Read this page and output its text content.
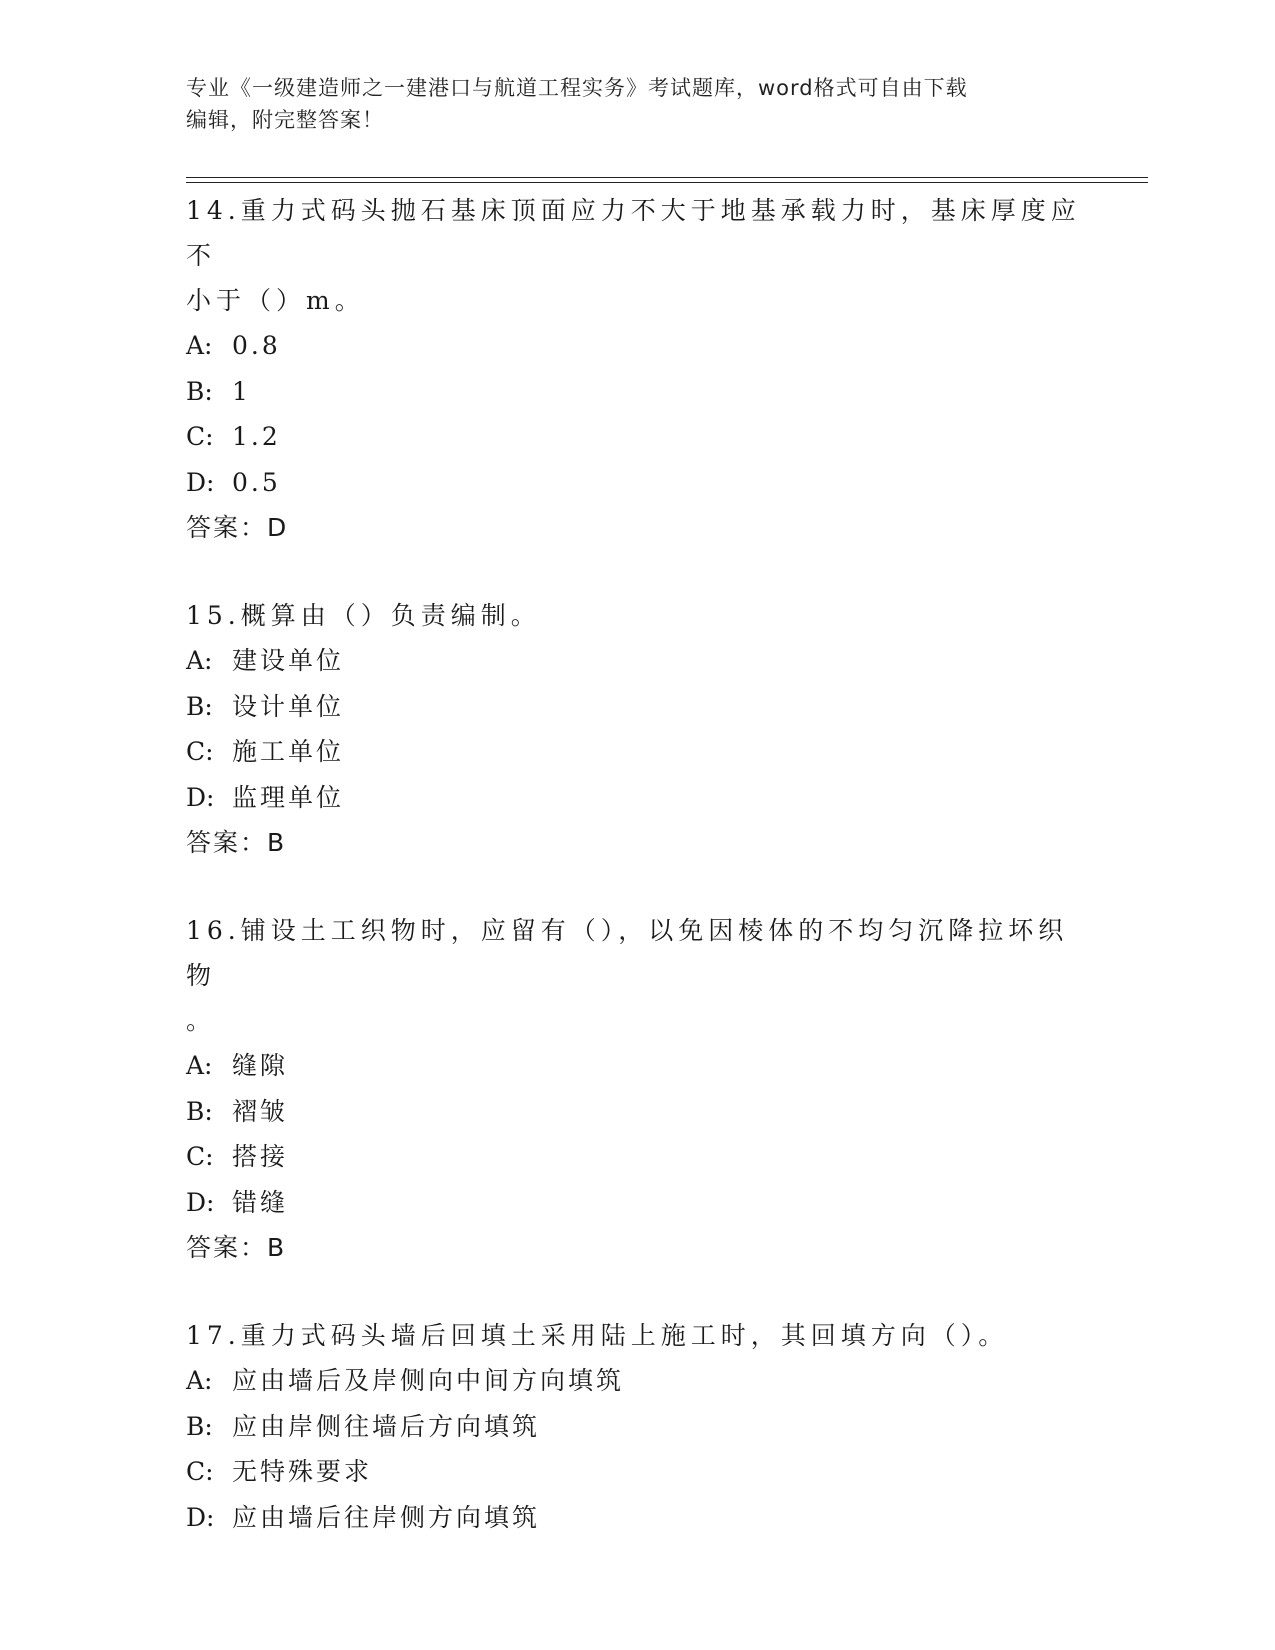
专业《一级建造师之一建港口与航道工程实务》考试题库，word格式可自由下载
编辑，附完整答案！

14.重力式码头抛石基床顶面应力不大于地基承载力时，基床厚度应不

小于（）m。

A: 0.8

B: 1

C: 1.2

D: 0.5

答案：D

15.概算由（）负责编制。

A: 建设单位

B: 设计单位

C: 施工单位

D: 监理单位

答案：B

16.铺设土工织物时，应留有（），以免因棱体的不均匀沉降拉坏织物

。

A: 缝隙

B: 褶皱

C: 搭接

D: 错缝

答案：B

17.重力式码头墙后回填土采用陆上施工时，其回填方向（）。

A: 应由墙后及岸侧向中间方向填筑

B: 应由岸侧往墙后方向填筑

C: 无特殊要求

D: 应由墙后往岸侧方向填筑
